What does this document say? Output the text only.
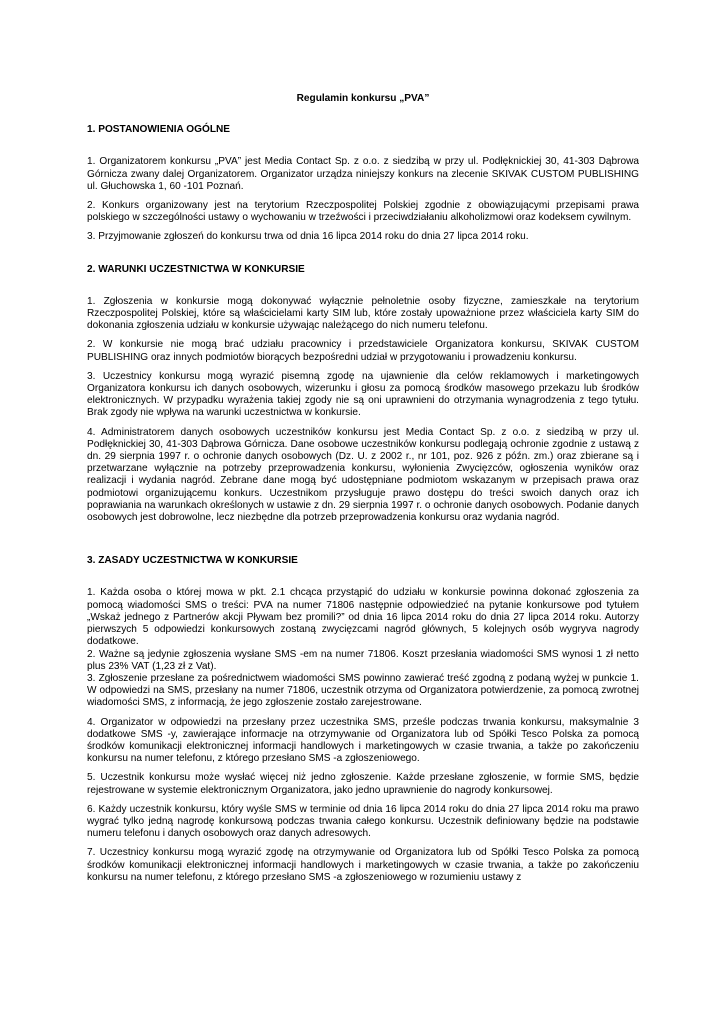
Regulamin konkursu „PVA”
1. POSTANOWIENIA OGÓLNE

1. Organizatorem konkursu „PVA” jest Media Contact Sp. z o.o. z siedzibą w przy ul. Podłęknickiej 30, 41-303 Dąbrowa Górnicza zwany dalej Organizatorem. Organizator urządza niniejszy konkurs na zlecenie SKIVAK CUSTOM PUBLISHING ul. Głuchowska 1, 60 -101 Poznań.

2. Konkurs organizowany jest na terytorium Rzeczpospolitej Polskiej zgodnie z obowiązującymi przepisami prawa polskiego w szczególności ustawy o wychowaniu w trzeźwości i przeciwdziałaniu alkoholizmowi oraz kodeksem cywilnym.

3. Przyjmowanie zgłoszeń do konkursu trwa od dnia 16 lipca 2014 roku do dnia 27 lipca 2014 roku.

2. WARUNKI UCZESTNICTWA W KONKURSIE

1. Zgłoszenia w konkursie mogą dokonywać wyłącznie pełnoletnie osoby fizyczne, zamieszkałe na terytorium Rzeczpospolitej Polskiej, które są właścicielami karty SIM lub, które zostały upoważnione przez właściciela karty SIM do dokonania zgłoszenia udziału w konkursie używając należącego do nich numeru telefonu.

2. W konkursie nie mogą brać udziału pracownicy i przedstawiciele Organizatora konkursu, SKIVAK CUSTOM PUBLISHING oraz innych podmiotów biorących bezpośredni udział w przygotowaniu i prowadzeniu konkursu.

3. Uczestnicy konkursu mogą wyrazić pisemną zgodę na ujawnienie dla celów reklamowych i marketingowych Organizatora konkursu ich danych osobowych, wizerunku i głosu za pomocą środków masowego przekazu lub środków elektronicznych. W przypadku wyrażenia takiej zgody nie są oni uprawnieni do otrzymania wynagrodzenia z tego tytułu. Brak zgody nie wpływa na warunki uczestnictwa w konkursie.

4. Administratorem danych osobowych uczestników konkursu jest Media Contact Sp. z o.o. z siedzibą w przy ul. Podłęknickiej 30, 41-303 Dąbrowa Górnicza. Dane osobowe uczestników konkursu podlegają ochronie zgodnie z ustawą z dn. 29 sierpnia 1997 r. o ochronie danych osobowych (Dz. U. z 2002 r., nr 101, poz. 926 z późn. zm.) oraz zbierane są i przetwarzane wyłącznie na potrzeby przeprowadzenia konkursu, wyłonienia Zwycięzców, ogłoszenia wyników oraz realizacji i wydania nagród. Zebrane dane mogą być udostępniane podmiotom wskazanym w przepisach prawa oraz podmiotowi organizującemu konkurs. Uczestnikom przysługuje prawo dostępu do treści swoich danych oraz ich poprawiania na warunkach określonych w ustawie z dn. 29 sierpnia 1997 r. o ochronie danych osobowych. Podanie danych osobowych jest dobrowolne, lecz niezbędne dla potrzeb przeprowadzenia konkursu oraz wydania nagród.

3. ZASADY UCZESTNICTWA W KONKURSIE

1. Każda osoba o której mowa w pkt. 2.1 chcąca przystąpić do udziału w konkursie powinna dokonać zgłoszenia za pomocą wiadomości SMS o treści: PVA na numer 71806 następnie odpowiedzieć na pytanie konkursowe pod tytułem „Wskaż jednego z Partnerów akcji Pływam bez promili?” od dnia 16 lipca 2014 roku do dnia 27 lipca 2014 roku. Autorzy pierwszych 5 odpowiedzi konkursowych zostaną zwycięzcami nagród głównych, 5 kolejnych osób wygryva nagrody dodatkowe.

2. Ważne są jedynie zgłoszenia wysłane SMS -em na numer 71806. Koszt przesłania wiadomości SMS wynosi 1 zł netto plus 23% VAT (1,23 zł z Vat).

3. Zgłoszenie przesłane za pośrednictwem wiadomości SMS powinno zawierać treść zgodną z podaną wyżej w punkcie 1. W odpowiedzi na SMS, przesłany na numer 71806, uczestnik otrzyma od Organizatora potwierdzenie, za pomocą zwrotnej wiadomości SMS, z informacją, że jego zgłoszenie zostało zarejestrowane.

4. Organizator w odpowiedzi na przesłany przez uczestnika SMS, prześle podczas trwania konkursu, maksymalnie 3 dodatkowe SMS -y, zawierające informacje na otrzymywanie od Organizatora lub od Spółki Tesco Polska za pomocą środków komunikacji elektronicznej informacji handlowych i marketingowych w czasie trwania, a także po zakończeniu konkursu na numer telefonu, z którego przesłano SMS -a zgłoszeniowego.

5. Uczestnik konkursu może wysłać więcej niż jedno zgłoszenie. Każde przesłane zgłoszenie, w formie SMS, będzie rejestrowane w systemie elektronicznym Organizatora, jako jedno uprawnienie do nagrody konkursowej.

6. Każdy uczestnik konkursu, który wyśle SMS w terminie od dnia 16 lipca 2014 roku do dnia 27 lipca 2014 roku ma prawo wygrać tylko jedną nagrodę konkursową podczas trwania całego konkursu. Uczestnik definiowany będzie na podstawie numeru telefonu i danych osobowych oraz danych adresowych.

7. Uczestnicy konkursu mogą wyrazić zgodę na otrzymywanie od Organizatora lub od Spółki Tesco Polska za pomocą środków komunikacji elektronicznej informacji handlowych i marketingowych w czasie trwania, a także po zakończeniu konkursu na numer telefonu, z którego przesłano SMS -a zgłoszeniowego w rozumieniu ustawy z
